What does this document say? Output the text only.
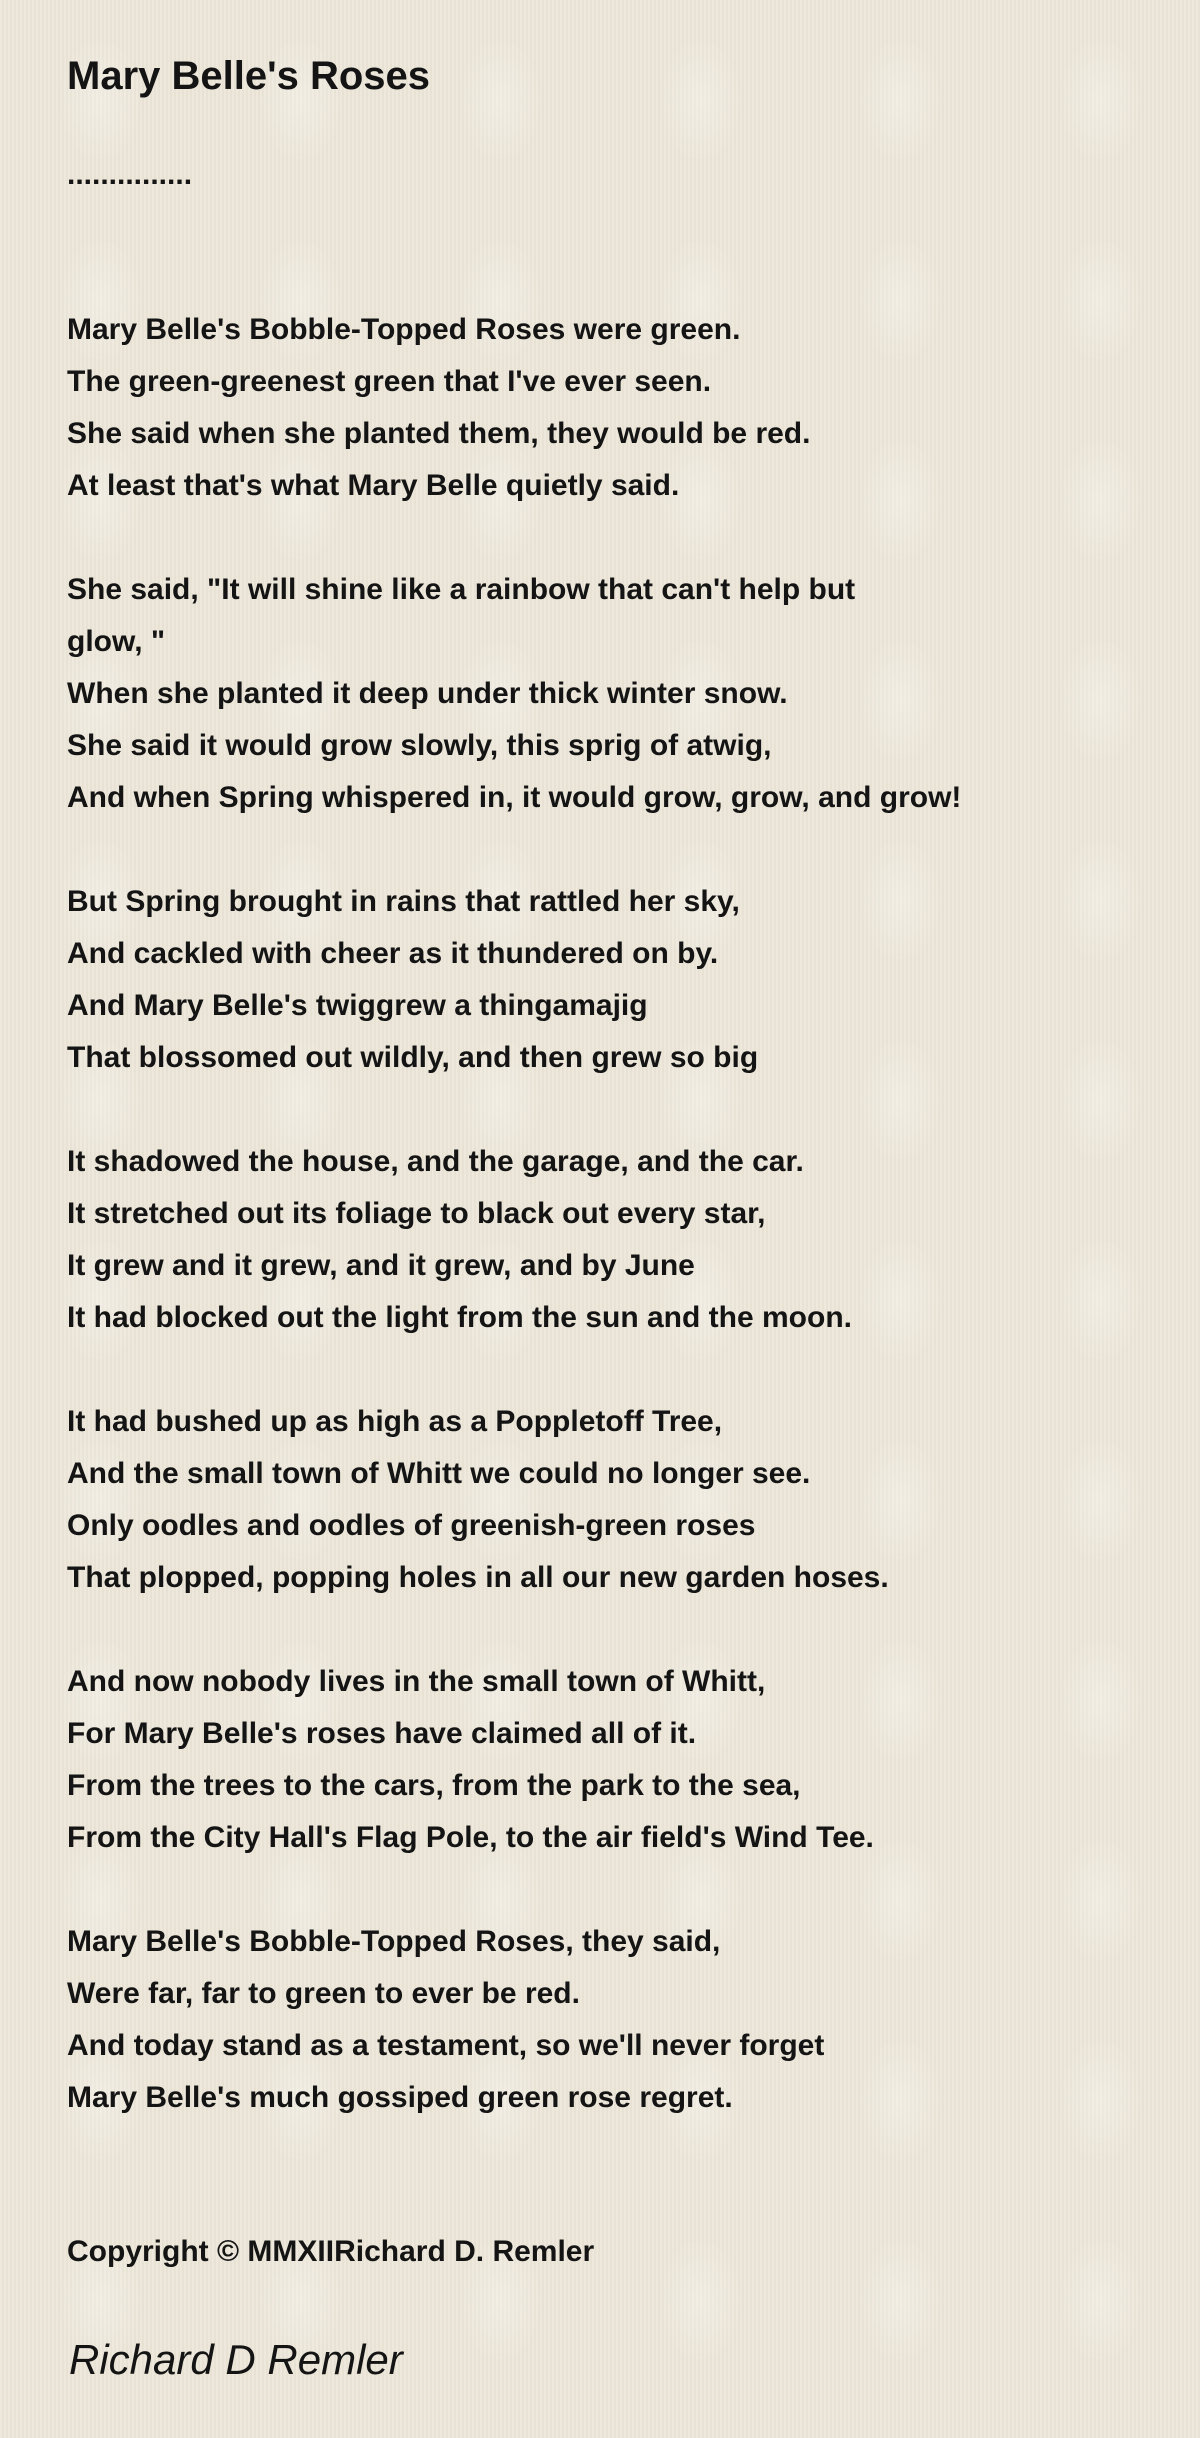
Mary Belle's Roses
...............
Mary Belle's Bobble-Topped Roses were green.
The green-greenest green that I've ever seen.
She said when she planted them, they would be red.
At least that's what Mary Belle quietly said.
She said, "It will shine like a rainbow that can't help but
glow, "
When she planted it deep under thick winter snow.
She said it would grow slowly, this sprig of atwig,
And when Spring whispered in, it would grow, grow, and grow!
But Spring brought in rains that rattled her sky,
And cackled with cheer as it thundered on by.
And Mary Belle's twiggrew a thingamajig
That blossomed out wildly, and then grew so big
It shadowed the house, and the garage, and the car.
It stretched out its foliage to black out every star,
It grew and it grew, and it grew, and by June
It had blocked out the light from the sun and the moon.
It had bushed up as high as a Poppletoff Tree,
And the small town of Whitt we could no longer see.
Only oodles and oodles of greenish-green roses
That plopped, popping holes in all our new garden hoses.
And now nobody lives in the small town of Whitt,
For Mary Belle's roses have claimed all of it.
From the trees to the cars, from the park to the sea,
From the City Hall's Flag Pole, to the air field's Wind Tee.
Mary Belle's Bobble-Topped Roses, they said,
Were far, far to green to ever be red.
And today stand as a testament, so we'll never forget
Mary Belle's much gossiped green rose regret.
Copyright © MMXIIRichard D. Remler
Richard D Remler
